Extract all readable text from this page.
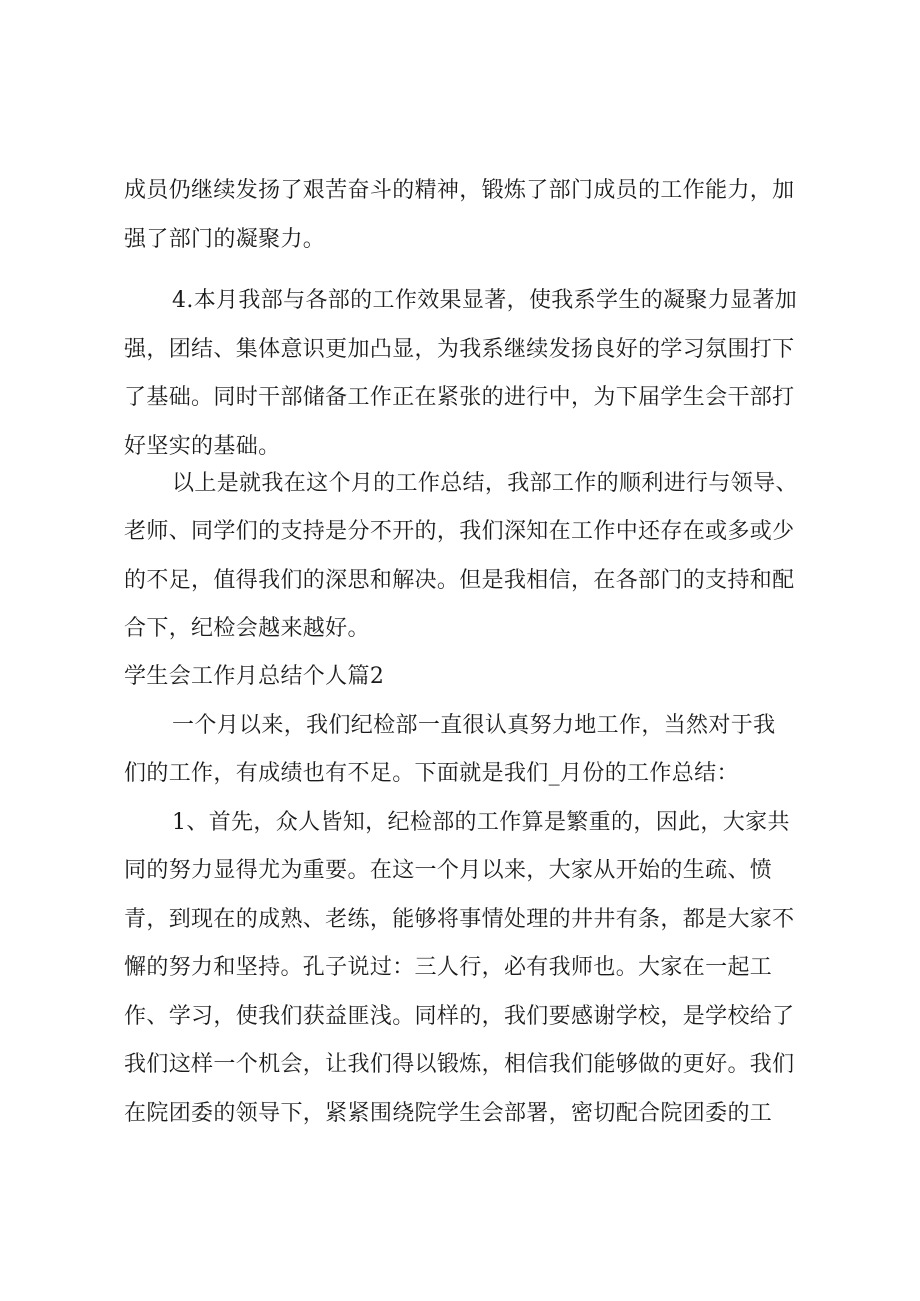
成员仍继续发扬了艰苦奋斗的精神，锻炼了部门成员的工作能力，加
强了部门的凝聚力。
4.本月我部与各部的工作效果显著，使我系学生的凝聚力显著加
强，团结、集体意识更加凸显，为我系继续发扬良好的学习氛围打下
了基础。同时干部储备工作正在紧张的进行中，为下届学生会干部打
好坚实的基础。
以上是就我在这个月的工作总结，我部工作的顺利进行与领导、
老师、同学们的支持是分不开的，我们深知在工作中还存在或多或少
的不足，值得我们的深思和解决。但是我相信，在各部门的支持和配
合下，纪检会越来越好。
学生会工作月总结个人篇2
一个月以来，我们纪检部一直很认真努力地工作，当然对于我
们的工作，有成绩也有不足。下面就是我们_月份的工作总结：
1、首先，众人皆知，纪检部的工作算是繁重的，因此，大家共
同的努力显得尤为重要。在这一个月以来，大家从开始的生疏、愤
青，到现在的成熟、老练，能够将事情处理的井井有条，都是大家不
懈的努力和坚持。孔子说过：三人行，必有我师也。大家在一起工
作、学习，使我们获益匪浅。同样的，我们要感谢学校，是学校给了
我们这样一个机会，让我们得以锻炼，相信我们能够做的更好。我们
在院团委的领导下，紧紧围绕院学生会部署，密切配合院团委的工
